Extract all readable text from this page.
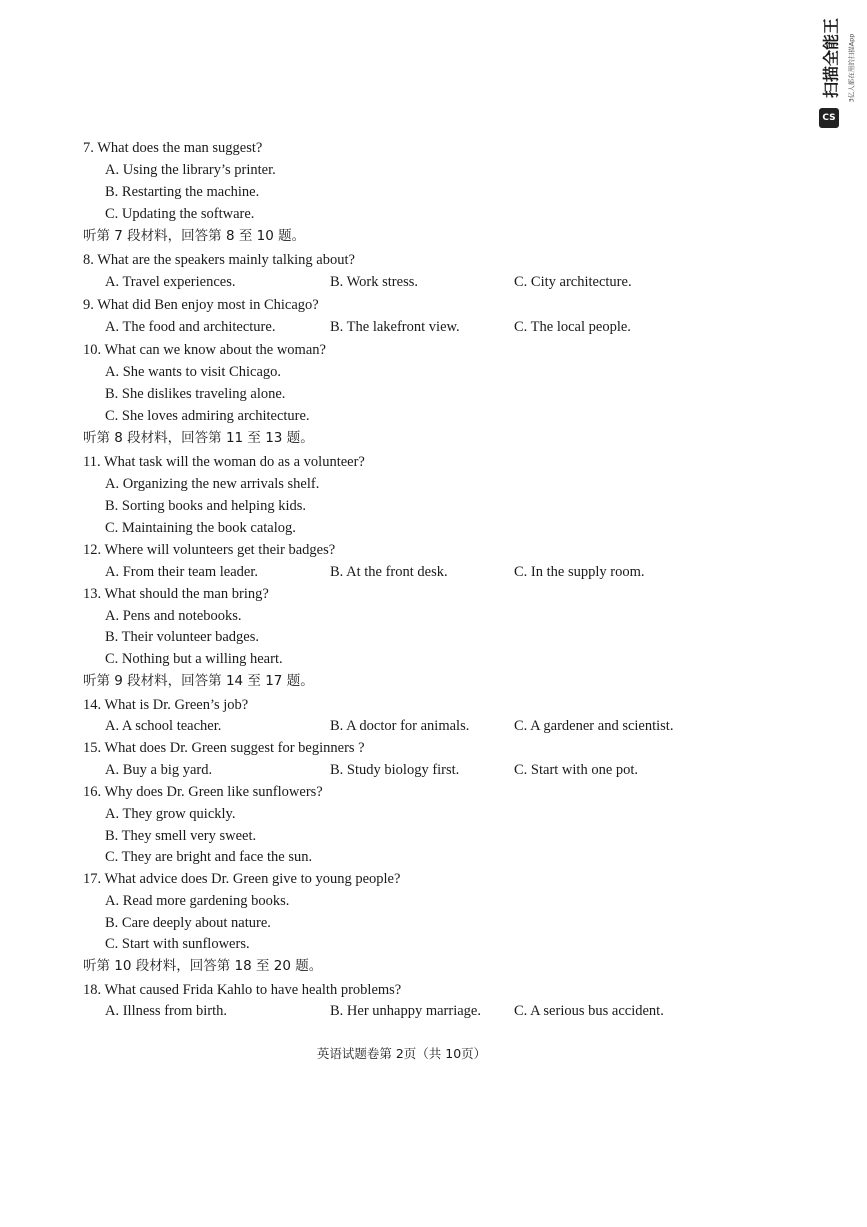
扫描全能王 3亿人都在用的扫描App
CS
7. What does the man suggest?
A. Using the library’s printer.
B. Restarting the machine.
C. Updating the software.
听第 7 段材料，回答第 8 至 10 题。
8. What are the speakers mainly talking about?
A. Travel experiences.	B. Work stress.	C. City architecture.
9. What did Ben enjoy most in Chicago?
A. The food and architecture.	B. The lakefront view.	C. The local people.
10. What can we know about the woman?
A. She wants to visit Chicago.
B. She dislikes traveling alone.
C. She loves admiring architecture.
听第 8 段材料，回答第 11 至 13 题。
11. What task will the woman do as a volunteer?
A. Organizing the new arrivals shelf.
B. Sorting books and helping kids.
C. Maintaining the book catalog.
12. Where will volunteers get their badges?
A. From their team leader.	B. At the front desk.	C. In the supply room.
13. What should the man bring?
A. Pens and notebooks.
B. Their volunteer badges.
C. Nothing but a willing heart.
听第 9 段材料，回答第 14 至 17 题。
14. What is Dr. Green’s job?
A. A school teacher.	B. A doctor for animals.	C. A gardener and scientist.
15. What does Dr. Green suggest for beginners ?
A. Buy a big yard.	B. Study biology first.	C. Start with one pot.
16. Why does Dr. Green like sunflowers?
A. They grow quickly.
B. They smell very sweet.
C. They are bright and face the sun.
17. What advice does Dr. Green give to young people?
A. Read more gardening books.
B. Care deeply about nature.
C. Start with sunflowers.
听第 10 段材料，回答第 18 至 20 题。
18. What caused Frida Kahlo to have health problems?
A. Illness from birth.	B. Her unhappy marriage. C. A serious bus accident.
英语试题卷第 2页（共 10页）
